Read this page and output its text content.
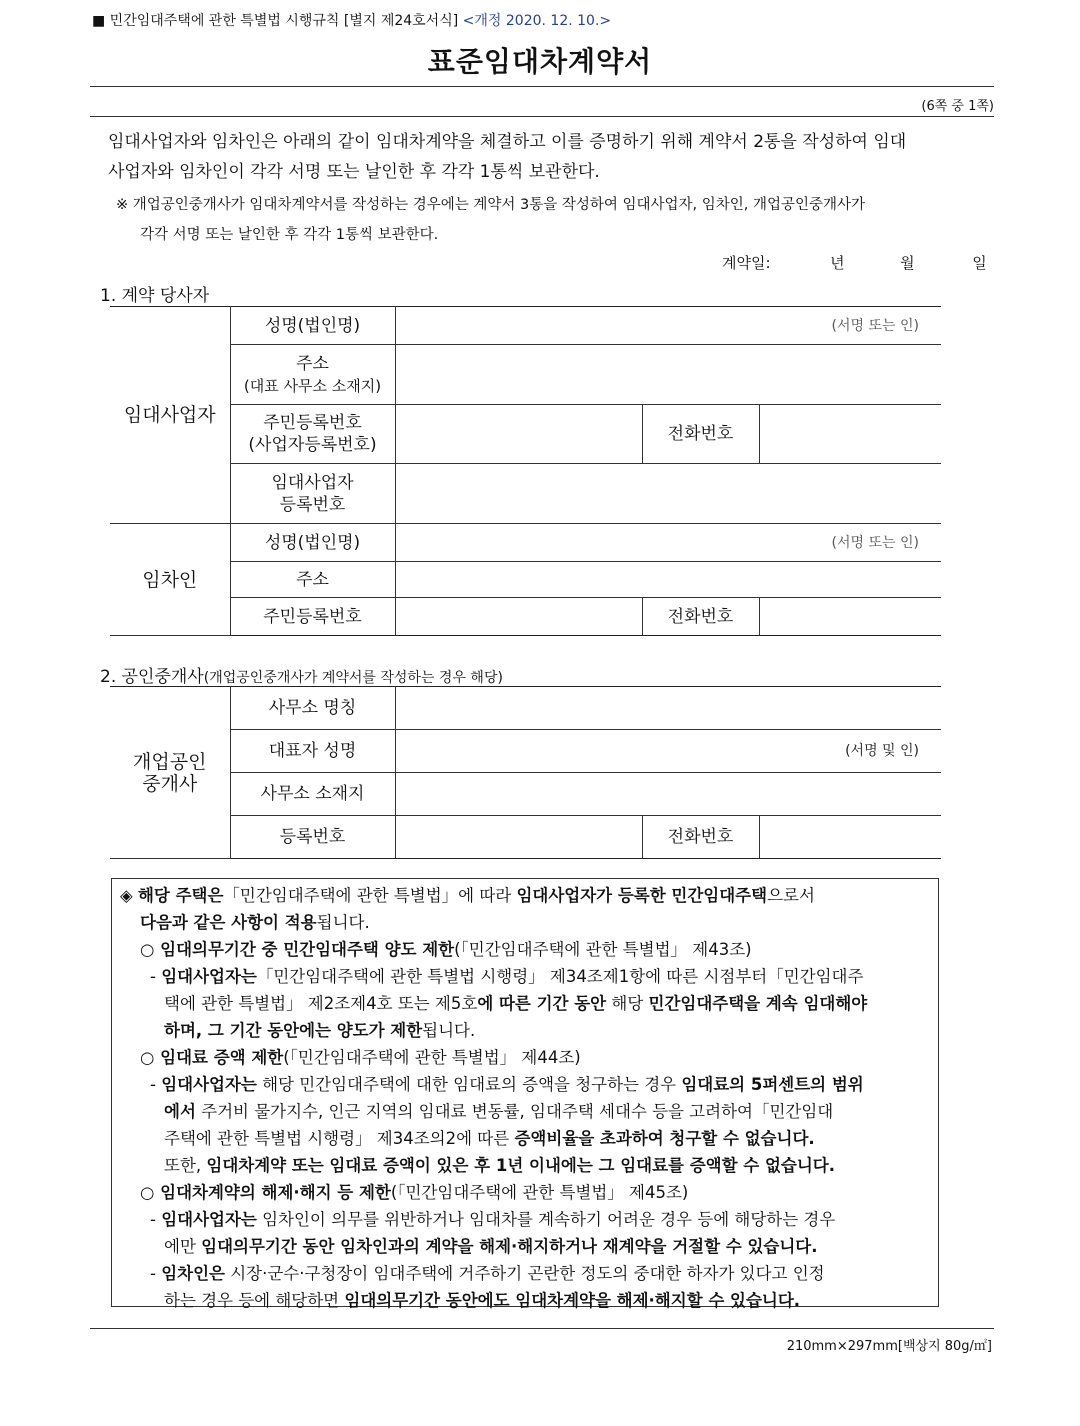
■ 민간임대주택에 관한 특별법 시행규칙 [별지 제24호서식] <개정 2020. 12. 10.>
표준임대차계약서
(6쪽 중 1쪽)
임대사업자와 임차인은 아래의 같이 임대차계약을 체결하고 이를 증명하기 위해 계약서 2통을 작성하여 임대
사업자와 임차인이 각각 서명 또는 날인한 후 각각 1통씩 보관한다.
※ 개업공인중개사가 임대차계약서를 작성하는 경우에는 계약서 3통을 작성하여 임대사업자, 임차인, 개업공인중개사가
각각 서명 또는 날인한 후 각각 1통씩 보관한다.
계약일:	년	월	일
1. 계약 당사자
임대사업자	성명(법인명)	(서명 또는 인)		

	주소
(대표 사무소 소재지)			

	주민등록번호
(사업자등록번호)		전화번호	

	임대사업자
등록번호			

임차인	성명(법인명)	(서명 또는 인)		
	주소			
	주민등록번호		전화번호	
2. 공인중개사(개업공인중개사가 계약서를 작성하는 경우 해당)
개업공인
중개사	사무소 명칭			
	대표자 성명	(서명 및 인)		
	사무소 소재지			
	등록번호		전화번호	

◈ 해당 주택은「민간임대주택에 관한 특별법」에 따라 임대사업자가 등록한 민간임대주택으로서

다음과 같은 사항이 적용됩니다.

○ 임대의무기간 중 민간임대주택 양도 제한(「민간임대주택에 관한 특별법」 제43조)

- 임대사업자는「민간임대주택에 관한 특별법 시행령」 제34조제1항에 따른 시점부터「민간임대주

택에 관한 특별법」 제2조제4호 또는 제5호에 따른 기간 동안 해당 민간임대주택을 계속 임대해야

하며, 그 기간 동안에는 양도가 제한됩니다.

○ 임대료 증액 제한(「민간임대주택에 관한 특별법」 제44조)

- 임대사업자는 해당 민간임대주택에 대한 임대료의 증액을 청구하는 경우 임대료의 5퍼센트의 범위

에서 주거비 물가지수, 인근 지역의 임대료 변동률, 임대주택 세대수 등을 고려하여「민간임대

주택에 관한 특별법 시행령」 제34조의2에 따른 증액비율을 초과하여 청구할 수 없습니다.

또한, 임대차계약 또는 임대료 증액이 있은 후 1년 이내에는 그 임대료를 증액할 수 없습니다.

○ 임대차계약의 해제·해지 등 제한(「민간임대주택에 관한 특별법」 제45조)

- 임대사업자는 임차인이 의무를 위반하거나 임대차를 계속하기 어려운 경우 등에 해당하는 경우

에만 임대의무기간 동안 임차인과의 계약을 해제·해지하거나 재계약을 거절할 수 있습니다.

- 임차인은 시장·군수·구청장이 임대주택에 거주하기 곤란한 정도의 중대한 하자가 있다고 인정

하는 경우 등에 해당하면 임대의무기간 동안에도 임대차계약을 해제·해지할 수 있습니다.

210mm×297mm[백상지 80g/㎡]
